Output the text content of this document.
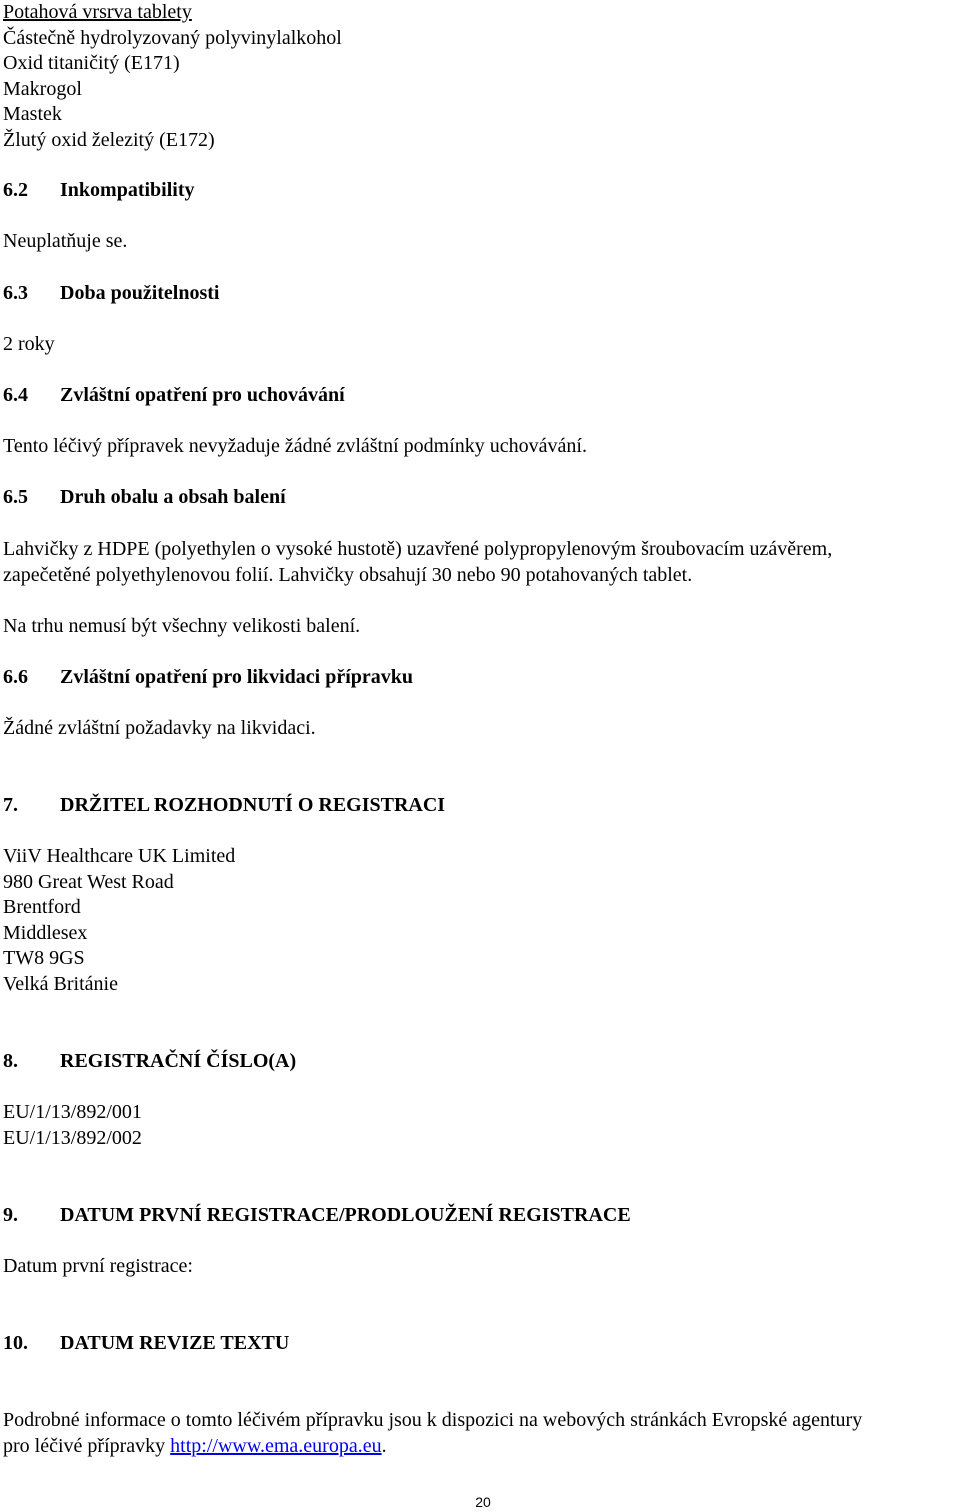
Potahová vrsrva tablety
Částečně hydrolyzovaný polyvinylalkohol
Oxid titaničitý (E171)
Makrogol
Mastek
Žlutý oxid železitý (E172)
6.2 Inkompatibility
Neuplatňuje se.
6.3 Doba použitelnosti
2 roky
6.4 Zvláštní opatření pro uchovávání
Tento léčivý přípravek nevyžaduje žádné zvláštní podmínky uchovávání.
6.5 Druh obalu a obsah balení
Lahvičky z HDPE (polyethylen o vysoké hustotě) uzavřené polypropylenovým šroubovacím uzávěrem,
zapečetěné polyethylenovou folií. Lahvičky obsahují 30 nebo 90 potahovaných tablet.
Na trhu nemusí být všechny velikosti balení.
6.6 Zvláštní opatření pro likvidaci přípravku
Žádné zvláštní požadavky na likvidaci.
7. DRŽITEL ROZHODNUTÍ O REGISTRACI
ViiV Healthcare UK Limited
980 Great West Road
Brentford
Middlesex
TW8 9GS
Velká Británie
8. REGISTRAČNÍ ČÍSLO(A)
EU/1/13/892/001
EU/1/13/892/002
9. DATUM PRVNÍ REGISTRACE/PRODLOUŽENÍ REGISTRACE
Datum první registrace:
10. DATUM REVIZE TEXTU
Podrobné informace o tomto léčivém přípravku jsou k dispozici na webových stránkách Evropské agentury
pro léčivé přípravky http://www.ema.europa.eu.
20
